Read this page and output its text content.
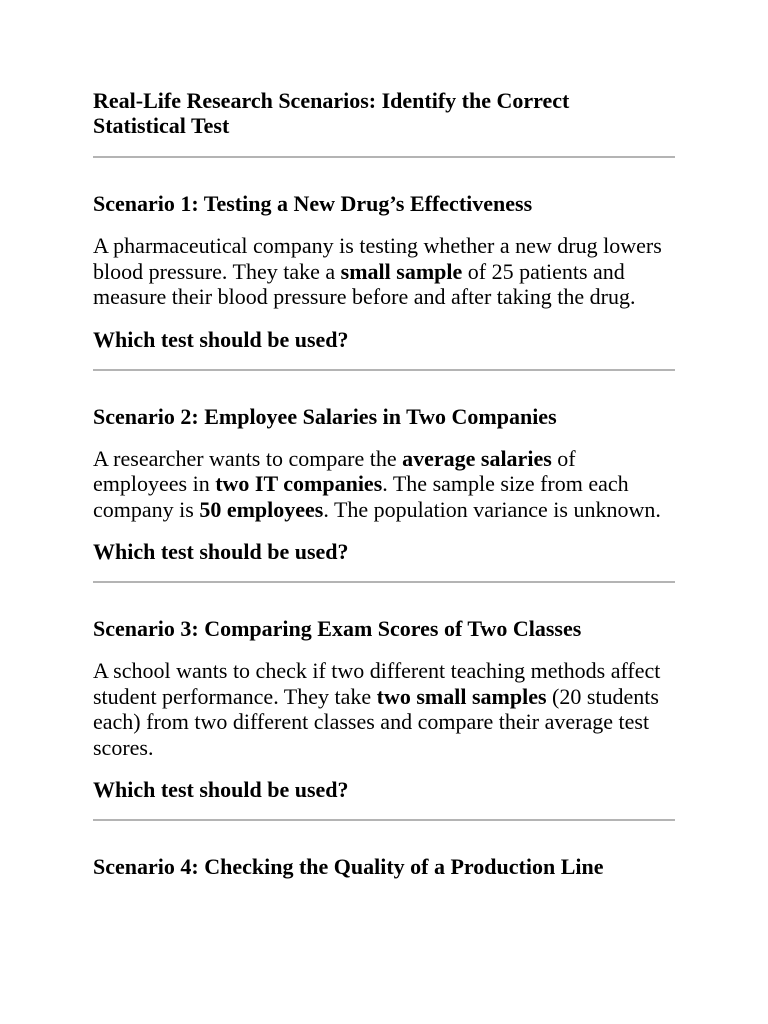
Real-Life Research Scenarios: Identify the Correct Statistical Test
Scenario 1: Testing a New Drug’s Effectiveness

A pharmaceutical company is testing whether a new drug lowers blood pressure. They take a small sample of 25 patients and measure their blood pressure before and after taking the drug.

Which test should be used?

Scenario 2: Employee Salaries in Two Companies

A researcher wants to compare the average salaries of employees in two IT companies. The sample size from each company is 50 employees. The population variance is unknown.

Which test should be used?

Scenario 3: Comparing Exam Scores of Two Classes

A school wants to check if two different teaching methods affect student performance. They take two small samples (20 students each) from two different classes and compare their average test scores.

Which test should be used?

Scenario 4: Checking the Quality of a Production Line
